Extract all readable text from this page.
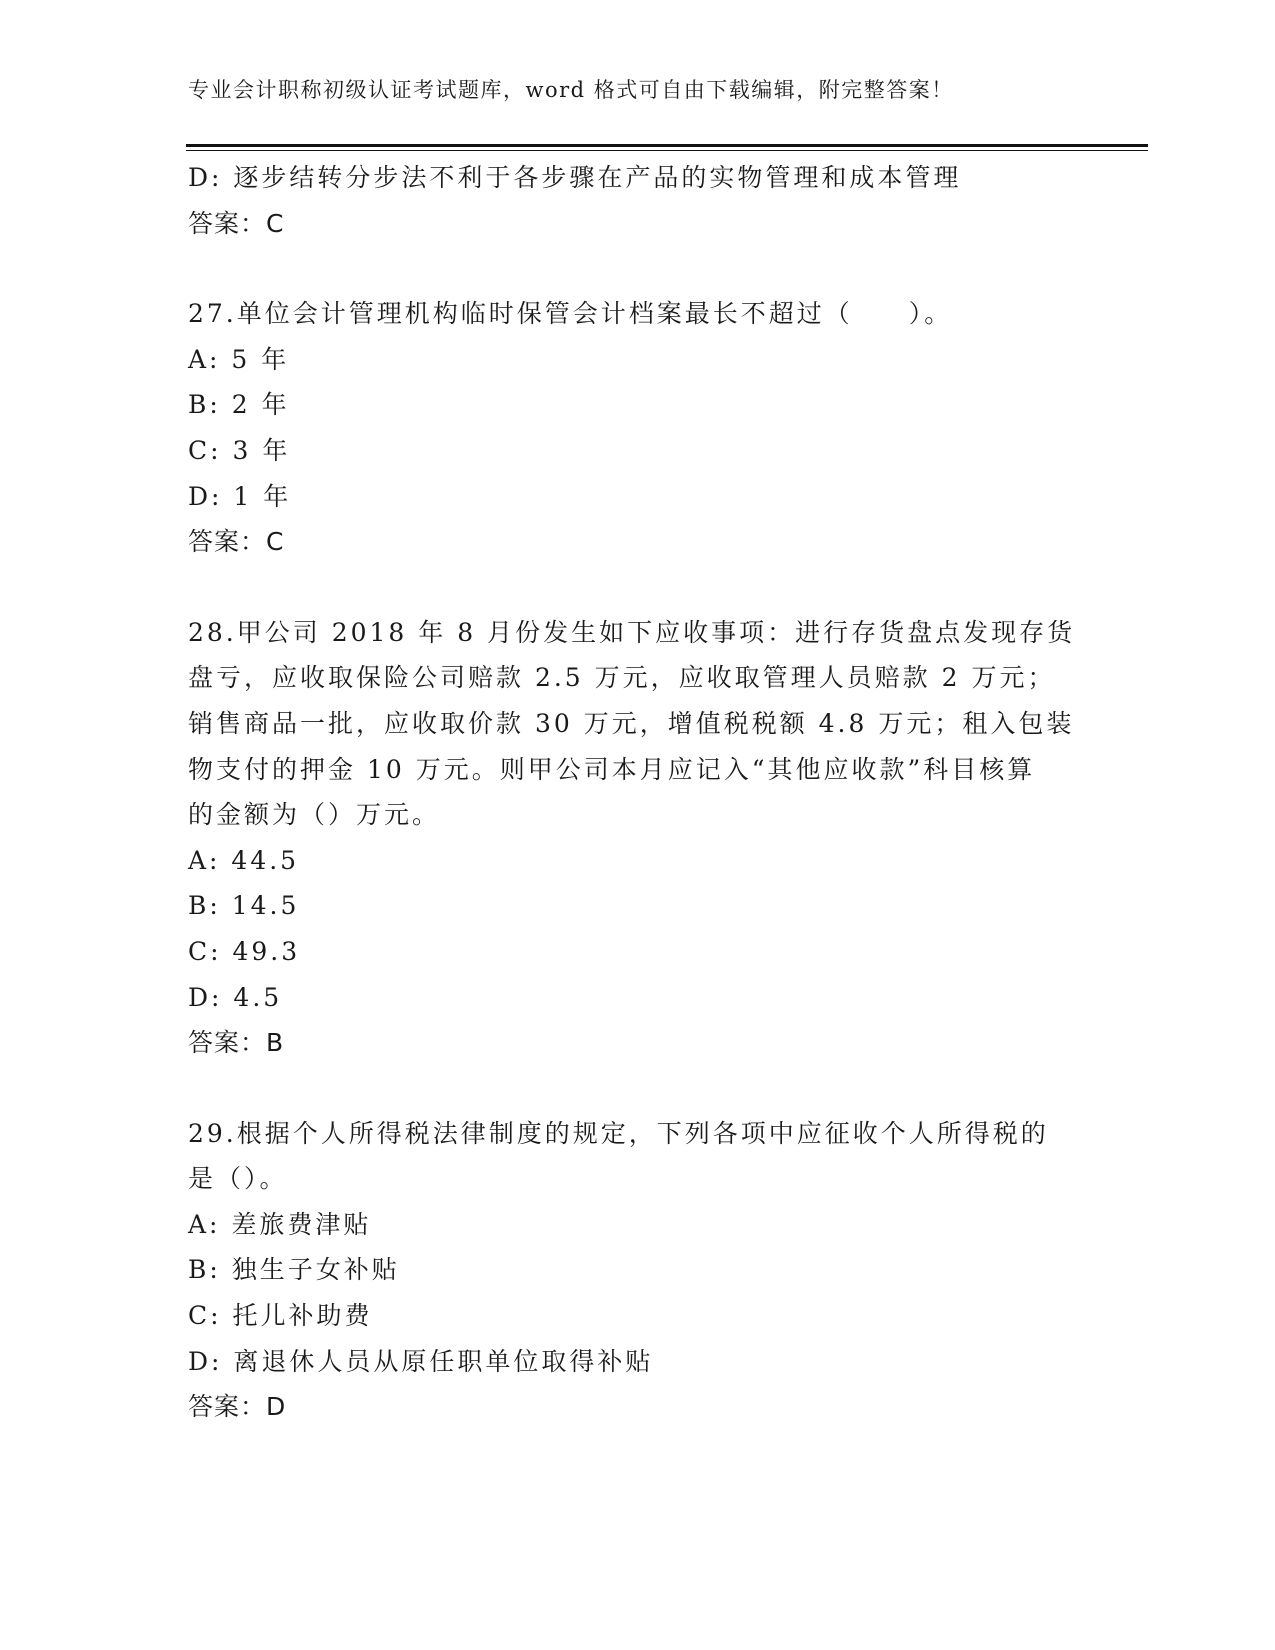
专业会计职称初级认证考试题库，word 格式可自由下载编辑，附完整答案！
D: 逐步结转分步法不利于各步骤在产品的实物管理和成本管理
答案：C
27.单位会计管理机构临时保管会计档案最长不超过（　　）。
A: 5 年
B: 2 年
C: 3 年
D: 1 年
答案：C
28.甲公司 2018 年 8 月份发生如下应收事项：进行存货盘点发现存货
盘亏，应收取保险公司赔款 2.5 万元，应收取管理人员赔款 2 万元；
销售商品一批，应收取价款 30 万元，增值税税额 4.8 万元；租入包装
物支付的押金 10 万元。则甲公司本月应记入“其他应收款”科目核算
的金额为（）万元。
A: 44.5
B: 14.5
C: 49.3
D: 4.5
答案：B
29.根据个人所得税法律制度的规定，下列各项中应征收个人所得税的
是（）。
A: 差旅费津贴
B: 独生子女补贴
C: 托儿补助费
D: 离退休人员从原任职单位取得补贴
答案：D
